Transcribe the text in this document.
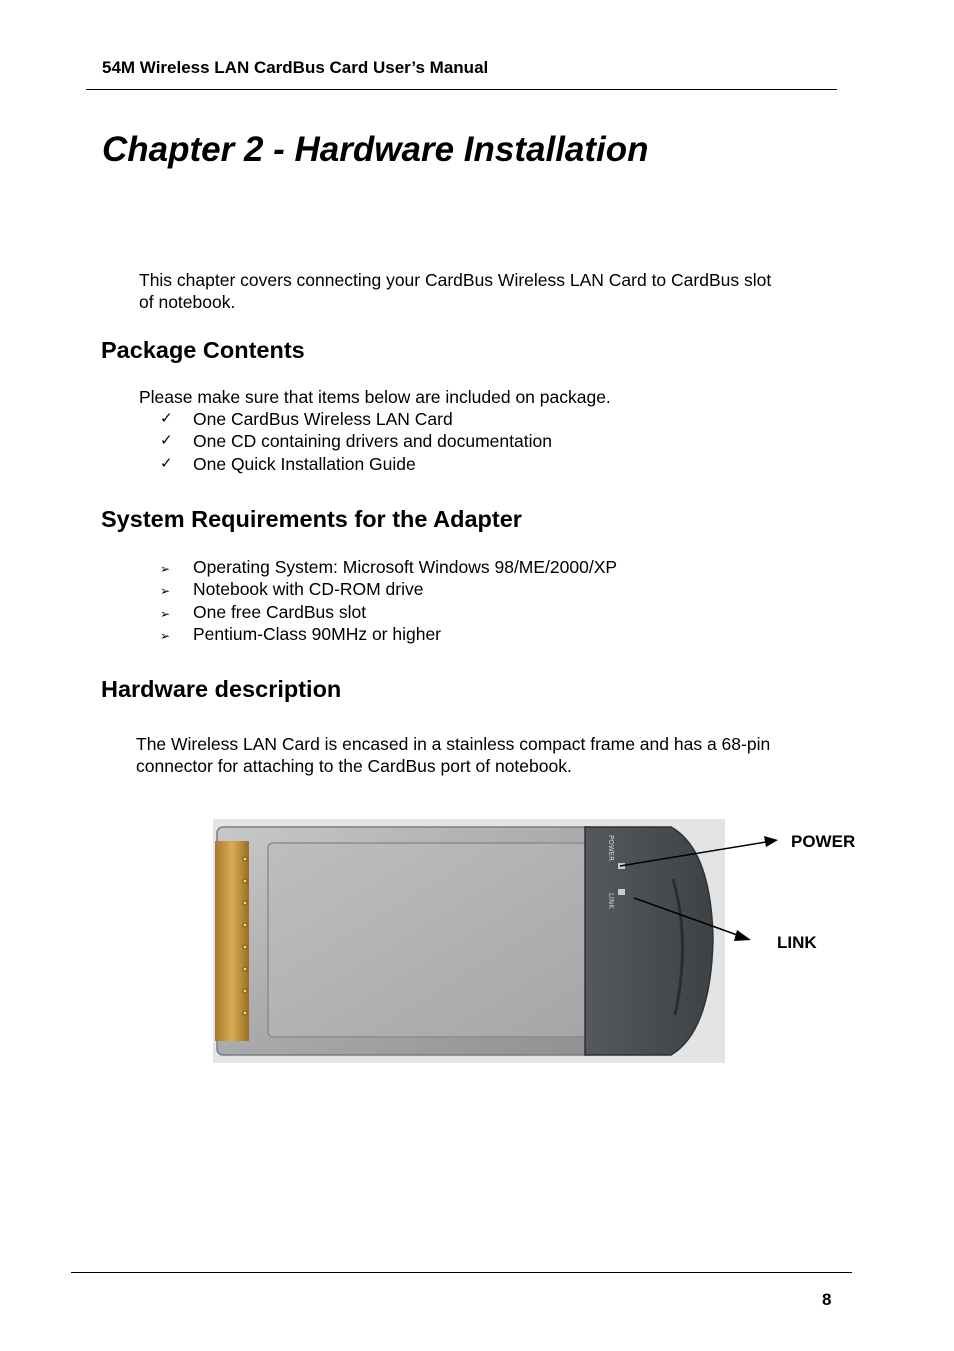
54M Wireless LAN CardBus Card User’s Manual
Chapter 2 - Hardware Installation
This chapter covers connecting your CardBus Wireless LAN Card to CardBus slot
of notebook.
Package Contents
Please make sure that items below are included on package.
✓ One CardBus Wireless LAN Card
✓ One CD containing drivers and documentation
✓ One Quick Installation Guide
System Requirements for the Adapter
➢ Operating System: Microsoft Windows 98/ME/2000/XP
➢ Notebook with CD-ROM drive
➢ One free CardBus slot
➢ Pentium-Class 90MHz or higher
Hardware description
The Wireless LAN Card is encased in a stainless compact frame and has a 68-pin
connector for attaching to the CardBus port of notebook.
POWER
LINK
POWER
LINK
8
